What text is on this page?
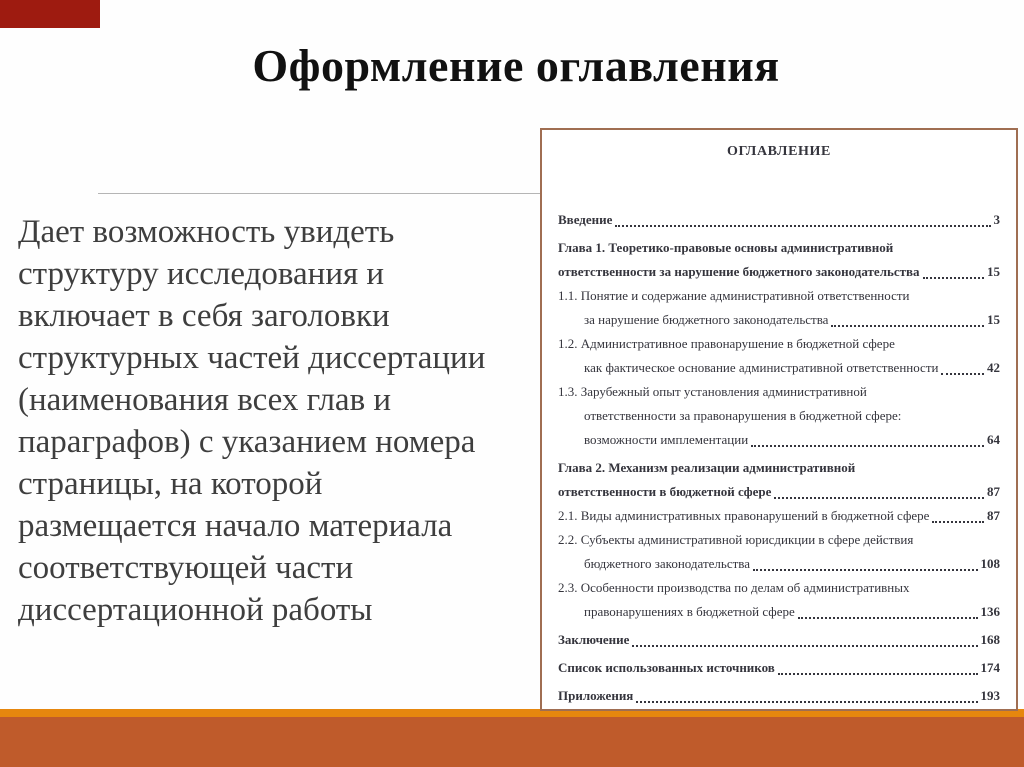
Оформление оглавления
Дает возможность увидеть
структуру исследования и
включает в себя заголовки
структурных частей диссертации
(наименования всех глав и
параграфов) с указанием номера
страницы, на которой
размещается начало материала
соответствующей части
диссертационной работы
ОГЛАВЛЕНИЕ
Введение	3
Глава 1. Теоретико-правовые основы административной
ответственности за нарушение бюджетного законодательства	15
1.1. Понятие и содержание административной ответственности
за нарушение бюджетного законодательства	15
1.2. Административное правонарушение в бюджетной сфере
как фактическое основание административной ответственности	42
1.3. Зарубежный опыт установления административной
ответственности за правонарушения в бюджетной сфере:
возможности имплементации	64
Глава 2. Механизм реализации административной
ответственности в бюджетной сфере	87
2.1. Виды административных правонарушений в бюджетной сфере	87
2.2. Субъекты административной юрисдикции в сфере действия
бюджетного законодательства	108
2.3. Особенности производства по делам об административных
правонарушениях в бюджетной сфере	136
Заключение	168
Список использованных источников	174
Приложения	193
